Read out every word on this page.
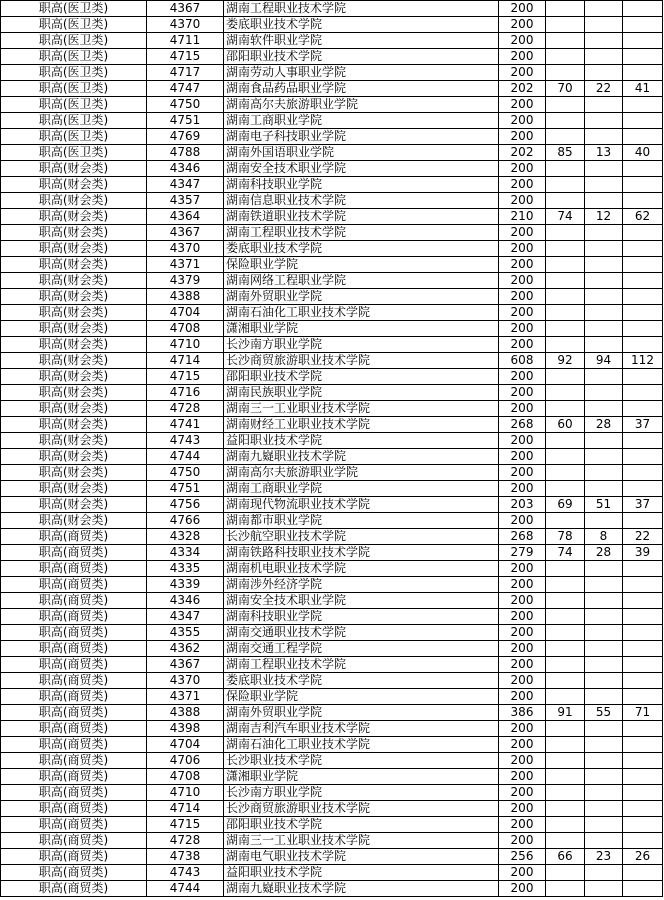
职高(医卫类)	4367	湖南工程职业技术学院	200			
职高(医卫类)	4370	娄底职业技术学院	200			
职高(医卫类)	4711	湖南软件职业学院	200			
职高(医卫类)	4715	邵阳职业技术学院	200			
职高(医卫类)	4717	湖南劳动人事职业学院	200			
职高(医卫类)	4747	湖南食品药品职业学院	202	70	22	41
职高(医卫类)	4750	湖南高尔夫旅游职业学院	200			
职高(医卫类)	4751	湖南工商职业学院	200			
职高(医卫类)	4769	湖南电子科技职业学院	200			
职高(医卫类)	4788	湖南外国语职业学院	202	85	13	40
职高(财会类)	4346	湖南安全技术职业学院	200			
职高(财会类)	4347	湖南科技职业学院	200			
职高(财会类)	4357	湖南信息职业技术学院	200			
职高(财会类)	4364	湖南铁道职业技术学院	210	74	12	62
职高(财会类)	4367	湖南工程职业技术学院	200			
职高(财会类)	4370	娄底职业技术学院	200			
职高(财会类)	4371	保险职业学院	200			
职高(财会类)	4379	湖南网络工程职业学院	200			
职高(财会类)	4388	湖南外贸职业学院	200			
职高(财会类)	4704	湖南石油化工职业技术学院	200			
职高(财会类)	4708	潇湘职业学院	200			
职高(财会类)	4710	长沙南方职业学院	200			
职高(财会类)	4714	长沙商贸旅游职业技术学院	608	92	94	112
职高(财会类)	4715	邵阳职业技术学院	200			
职高(财会类)	4716	湖南民族职业学院	200			
职高(财会类)	4728	湖南三一工业职业技术学院	200			
职高(财会类)	4741	湖南财经工业职业技术学院	268	60	28	37
职高(财会类)	4743	益阳职业技术学院	200			
职高(财会类)	4744	湖南九嶷职业技术学院	200			
职高(财会类)	4750	湖南高尔夫旅游职业学院	200			
职高(财会类)	4751	湖南工商职业学院	200			
职高(财会类)	4756	湖南现代物流职业技术学院	203	69	51	37
职高(财会类)	4766	湖南都市职业学院	200			
职高(商贸类)	4328	长沙航空职业技术学院	268	78	8	22
职高(商贸类)	4334	湖南铁路科技职业技术学院	279	74	28	39
职高(商贸类)	4335	湖南机电职业技术学院	200			
职高(商贸类)	4339	湖南涉外经济学院	200			
职高(商贸类)	4346	湖南安全技术职业学院	200			
职高(商贸类)	4347	湖南科技职业学院	200			
职高(商贸类)	4355	湖南交通职业技术学院	200			
职高(商贸类)	4362	湖南交通工程学院	200			
职高(商贸类)	4367	湖南工程职业技术学院	200			
职高(商贸类)	4370	娄底职业技术学院	200			
职高(商贸类)	4371	保险职业学院	200			
职高(商贸类)	4388	湖南外贸职业学院	386	91	55	71
职高(商贸类)	4398	湖南吉利汽车职业技术学院	200			
职高(商贸类)	4704	湖南石油化工职业技术学院	200			
职高(商贸类)	4706	长沙职业技术学院	200			
职高(商贸类)	4708	潇湘职业学院	200			
职高(商贸类)	4710	长沙南方职业学院	200			
职高(商贸类)	4714	长沙商贸旅游职业技术学院	200			
职高(商贸类)	4715	邵阳职业技术学院	200			
职高(商贸类)	4728	湖南三一工业职业技术学院	200			
职高(商贸类)	4738	湖南电气职业技术学院	256	66	23	26
职高(商贸类)	4743	益阳职业技术学院	200			
职高(商贸类)	4744	湖南九嶷职业技术学院	200			
